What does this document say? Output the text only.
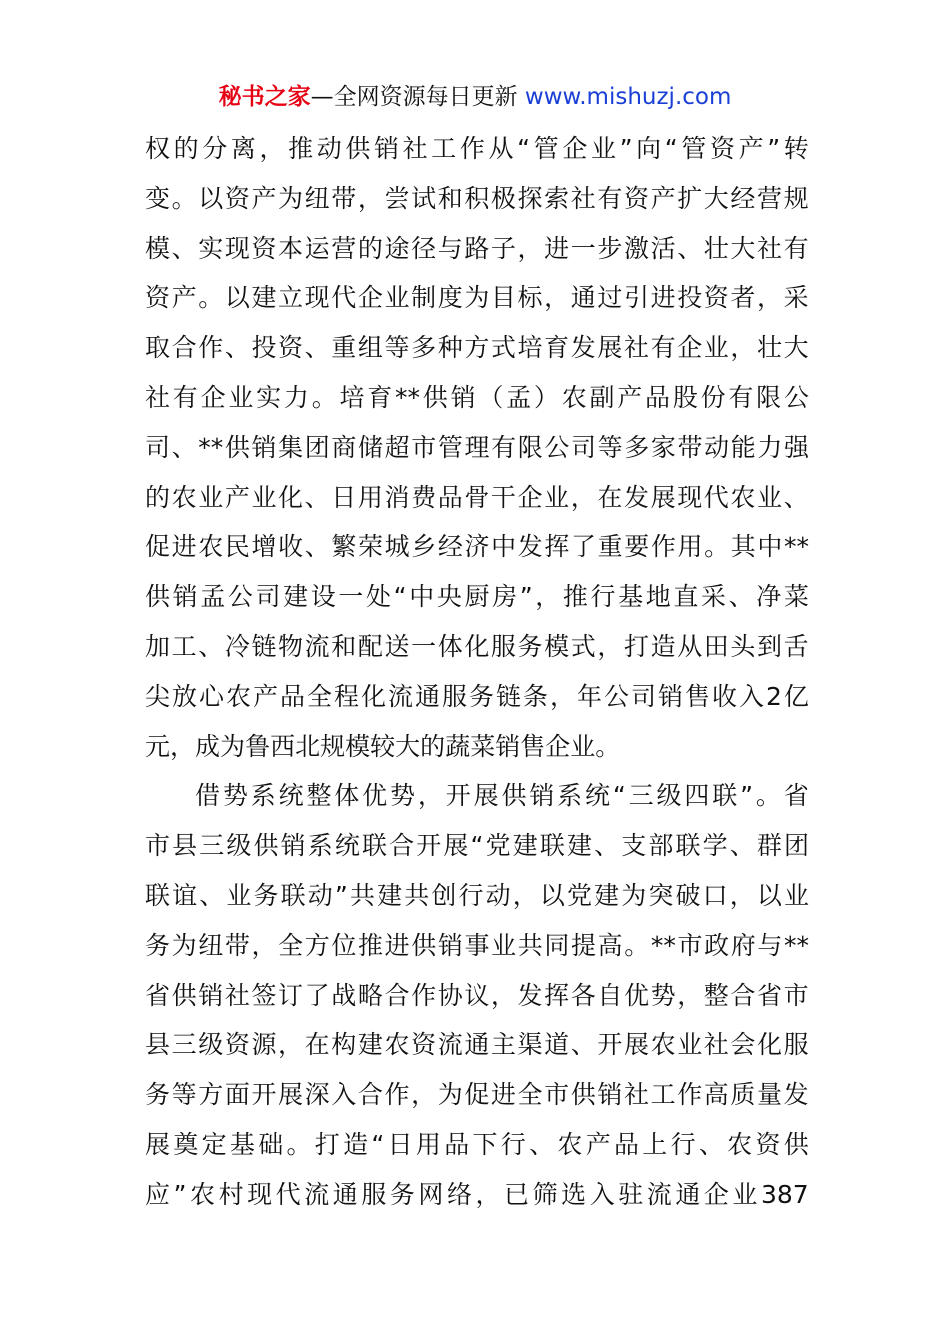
秘书之家—全网资源每日更新 www.mishuzj.com
权 的 分 离 ， 推 动 供 销 社 工 作 从 “ 管 企 业 ” 向 “ 管 资 产 ” 转
变 。 以 资 产 为 纽 带 ， 尝 试 和 积 极 探 索 社 有 资 产 扩 大 经 营 规
模 、 实 现 资 本 运 营 的 途 径 与 路 子 ， 进 一 步 激 活 、 壮 大 社 有
资 产 。 以 建 立 现 代 企 业 制 度 为 目 标 ， 通 过 引 进 投 资 者 ， 采
取 合 作 、 投 资 、 重 组 等 多 种 方 式 培 育 发 展 社 有 企 业 ， 壮 大
社 有 企 业 实 力 。 培 育 ** 供 销 （ 孟 ） 农 副 产 品 股 份 有 限 公
司 、 ** 供 销 集 团 商 储 超 市 管 理 有 限 公 司 等 多 家 带 动 能 力 强
的 农 业 产 业 化 、 日 用 消 费 品 骨 干 企 业 ， 在 发 展 现 代 农 业 、
促 进 农 民 增 收 、 繁 荣 城 乡 经 济 中 发 挥 了 重 要 作 用 。 其 中 **
供 销 孟 公 司 建 设 一 处 “ 中 央 厨 房 ” ， 推 行 基 地 直 采 、 净 菜
加 工 、 冷 链 物 流 和 配 送 一 体 化 服 务 模 式 ， 打 造 从 田 头 到 舌
尖 放 心 农 产 品 全 程 化 流 通 服 务 链 条 ， 年 公 司 销 售 收 入 2 亿
元 ， 成 为 鲁 西 北 规 模 较 大 的 蔬 菜 销 售 企 业 。
借 势 系 统 整 体 优 势 ， 开 展 供 销 系 统 “ 三 级 四 联 ” 。 省
市 县 三 级 供 销 系 统 联 合 开 展 “ 党 建 联 建 、 支 部 联 学 、 群 团
联 谊 、 业 务 联 动 ” 共 建 共 创 行 动 ， 以 党 建 为 突 破 口 ， 以 业
务 为 纽 带 ， 全 方 位 推 进 供 销 事 业 共 同 提 高 。 ** 市 政 府 与 **
省 供 销 社 签 订 了 战 略 合 作 协 议 ， 发 挥 各 自 优 势 ， 整 合 省 市
县 三 级 资 源 ， 在 构 建 农 资 流 通 主 渠 道 、 开 展 农 业 社 会 化 服
务 等 方 面 开 展 深 入 合 作 ， 为 促 进 全 市 供 销 社 工 作 高 质 量 发
展 奠 定 基 础 。 打 造 “ 日 用 品 下 行 、 农 产 品 上 行 、 农 资 供
应 ” 农 村 现 代 流 通 服 务 网 络 ， 已 筛 选 入 驻 流 通 企 业 387
